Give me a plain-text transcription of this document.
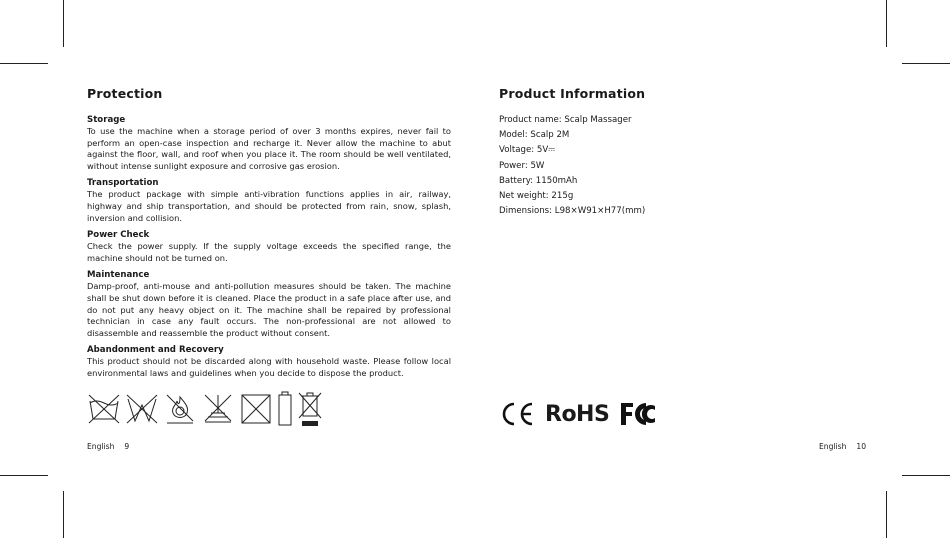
Protection
Storage

To use the machine when a storage period of over 3 months expires, never fail to perform an open-case inspection and recharge it. Never allow the machine to abut against the floor, wall, and roof when you place it. The room should be well ventilated, without intense sunlight exposure and corrosive gas erosion.

Transportation

The product package with simple anti-vibration functions applies in air, railway, highway and ship transportation, and should be protected from rain, snow, splash, inversion and collision.

Power Check

Check the power supply. If the supply voltage exceeds the specified range, the machine should not be turned on.

Maintenance

Damp-proof, anti-mouse and anti-pollution measures should be taken. The machine shall be shut down before it is cleaned. Place the product in a safe place after use, and do not put any heavy object on it. The machine shall be repaired by professional technician in case any fault occurs. The non-professional are not allowed to disassemble and reassemble the product without consent.

Abandonment and Recovery

This product should not be discarded along with household waste. Please follow local environmental laws and guidelines when you decide to dispose the product.

English 9
Product Information

Product name: Scalp Massager

Model: Scalp 2M

Voltage: 5V⎓

Power: 5W

Battery: 1150mAh

Net weight: 215g

Dimensions: L98×W91×H77(mm)

RoHS
English 10
